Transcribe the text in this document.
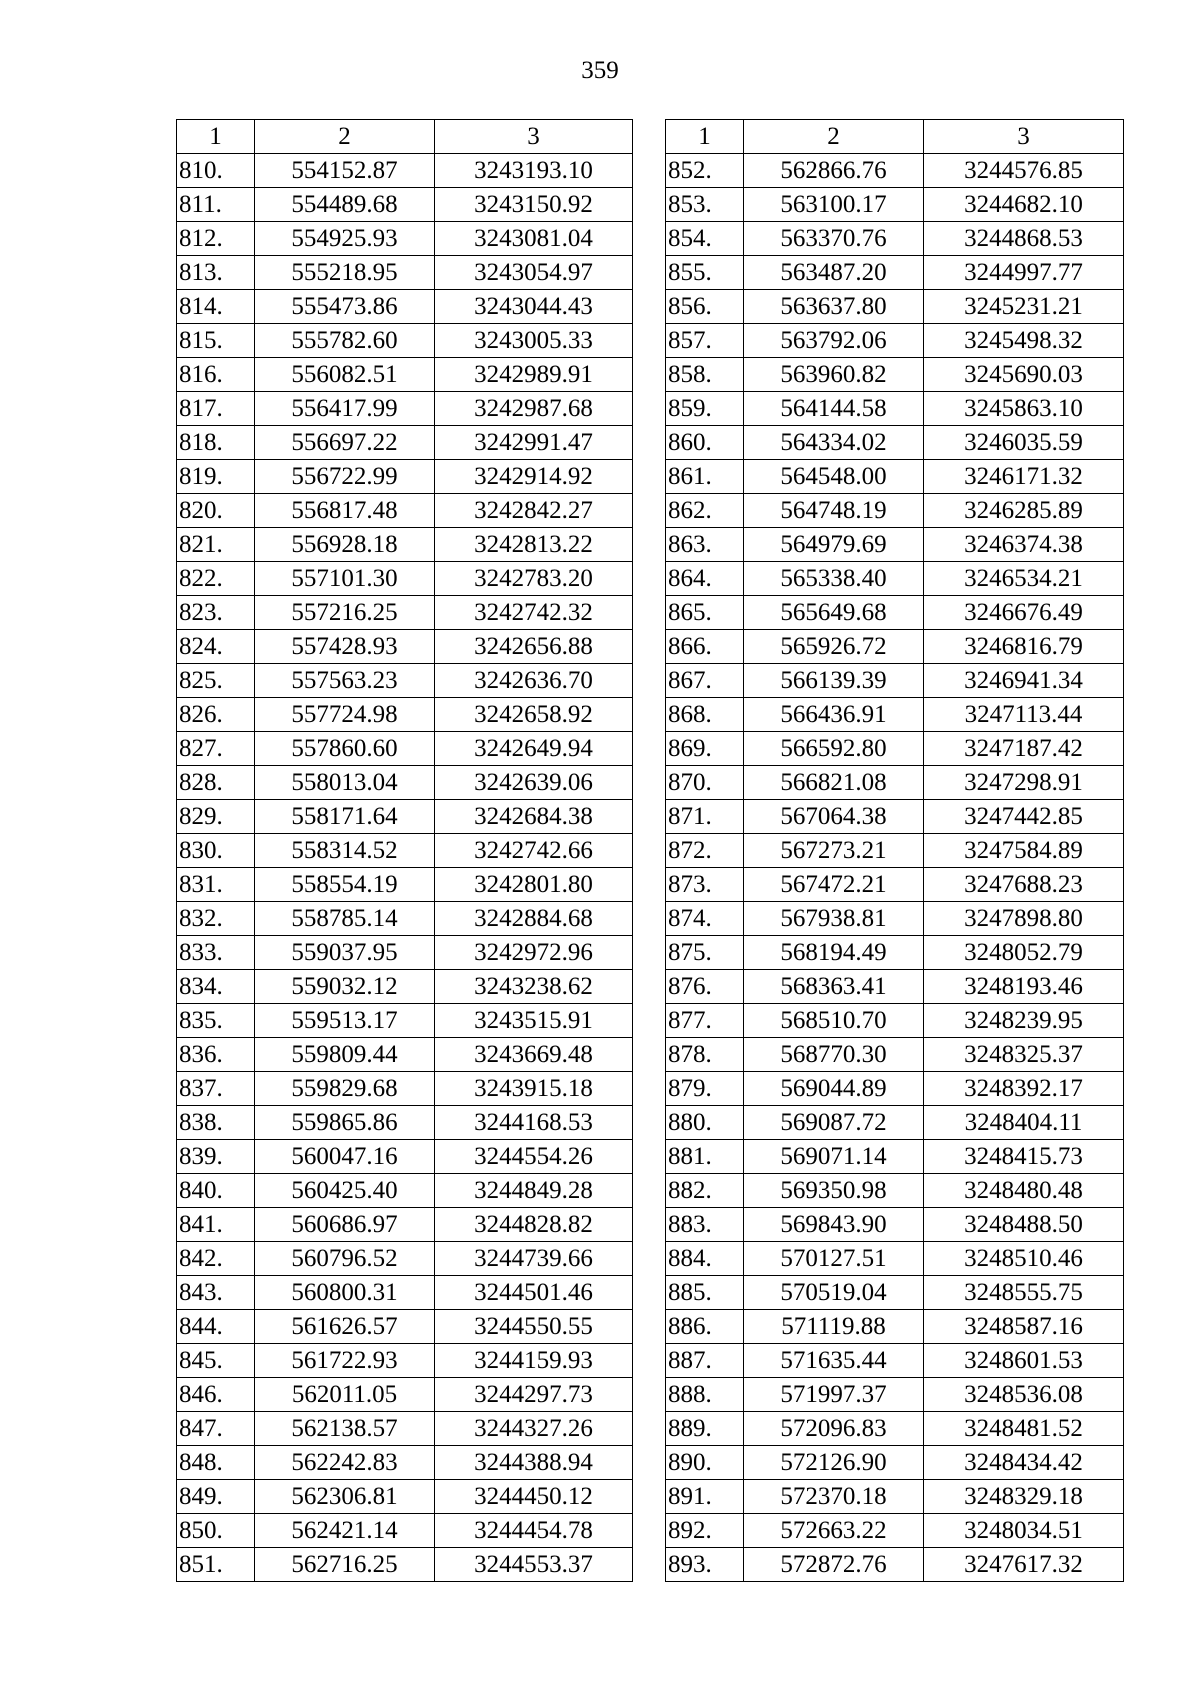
359
1	2	3
810.	554152.87	3243193.10
811.	554489.68	3243150.92
812.	554925.93	3243081.04
813.	555218.95	3243054.97
814.	555473.86	3243044.43
815.	555782.60	3243005.33
816.	556082.51	3242989.91
817.	556417.99	3242987.68
818.	556697.22	3242991.47
819.	556722.99	3242914.92
820.	556817.48	3242842.27
821.	556928.18	3242813.22
822.	557101.30	3242783.20
823.	557216.25	3242742.32
824.	557428.93	3242656.88
825.	557563.23	3242636.70
826.	557724.98	3242658.92
827.	557860.60	3242649.94
828.	558013.04	3242639.06
829.	558171.64	3242684.38
830.	558314.52	3242742.66
831.	558554.19	3242801.80
832.	558785.14	3242884.68
833.	559037.95	3242972.96
834.	559032.12	3243238.62
835.	559513.17	3243515.91
836.	559809.44	3243669.48
837.	559829.68	3243915.18
838.	559865.86	3244168.53
839.	560047.16	3244554.26
840.	560425.40	3244849.28
841.	560686.97	3244828.82
842.	560796.52	3244739.66
843.	560800.31	3244501.46
844.	561626.57	3244550.55
845.	561722.93	3244159.93
846.	562011.05	3244297.73
847.	562138.57	3244327.26
848.	562242.83	3244388.94
849.	562306.81	3244450.12
850.	562421.14	3244454.78
851.	562716.25	3244553.37
1	2	3
852.	562866.76	3244576.85
853.	563100.17	3244682.10
854.	563370.76	3244868.53
855.	563487.20	3244997.77
856.	563637.80	3245231.21
857.	563792.06	3245498.32
858.	563960.82	3245690.03
859.	564144.58	3245863.10
860.	564334.02	3246035.59
861.	564548.00	3246171.32
862.	564748.19	3246285.89
863.	564979.69	3246374.38
864.	565338.40	3246534.21
865.	565649.68	3246676.49
866.	565926.72	3246816.79
867.	566139.39	3246941.34
868.	566436.91	3247113.44
869.	566592.80	3247187.42
870.	566821.08	3247298.91
871.	567064.38	3247442.85
872.	567273.21	3247584.89
873.	567472.21	3247688.23
874.	567938.81	3247898.80
875.	568194.49	3248052.79
876.	568363.41	3248193.46
877.	568510.70	3248239.95
878.	568770.30	3248325.37
879.	569044.89	3248392.17
880.	569087.72	3248404.11
881.	569071.14	3248415.73
882.	569350.98	3248480.48
883.	569843.90	3248488.50
884.	570127.51	3248510.46
885.	570519.04	3248555.75
886.	571119.88	3248587.16
887.	571635.44	3248601.53
888.	571997.37	3248536.08
889.	572096.83	3248481.52
890.	572126.90	3248434.42
891.	572370.18	3248329.18
892.	572663.22	3248034.51
893.	572872.76	3247617.32
